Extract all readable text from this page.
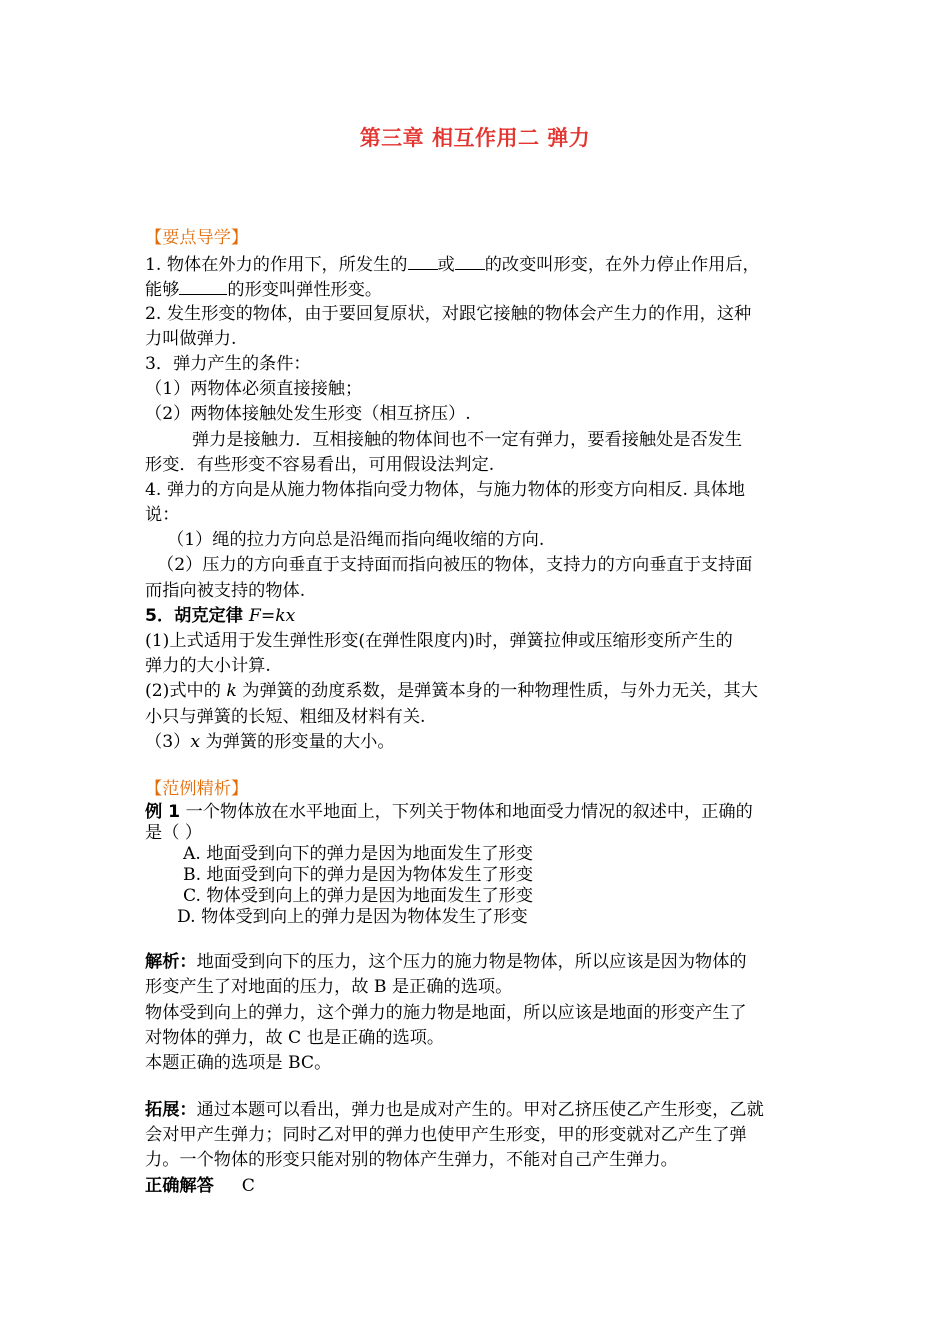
第三章 相互作用二 弹力
【要点导学】
1. 物体在外力的作用下，所发生的 或 的改变叫形变，在外力停止作用后，
能够	的形变叫弹性形变。
2. 发生形变的物体，由于要回复原状，对跟它接触的物体会产生力的作用，这种
力叫做弹力.
3．弹力产生的条件：
（1）两物体必须直接接触；
（2）两物体接触处发生形变（相互挤压）.
弹力是接触力．互相接触的物体间也不一定有弹力，要看接触处是否发生
形变．有些形变不容易看出，可用假设法判定.
4. 弹力的方向是从施力物体指向受力物体，与施力物体的形变方向相反. 具体地
说：
（1）绳的拉力方向总是沿绳而指向绳收缩的方向.
（2）压力的方向垂直于支持面而指向被压的物体，支持力的方向垂直于支持面
而指向被支持的物体.
5．胡克定律 F=kx
(1)上式适用于发生弹性形变(在弹性限度内)时，弹簧拉伸或压缩形变所产生的
弹力的大小计算.
(2)式中的 k 为弹簧的劲度系数，是弹簧本身的一种物理性质，与外力无关，其大
小只与弹簧的长短、粗细及材料有关.
（3）x 为弹簧的形变量的大小。
【范例精析】
例 1 一个物体放在水平地面上，下列关于物体和地面受力情况的叙述中，正确的
是（ ）
A. 地面受到向下的弹力是因为地面发生了形变
B. 地面受到向下的弹力是因为物体发生了形变
C. 物体受到向上的弹力是因为地面发生了形变
D. 物体受到向上的弹力是因为物体发生了形变
解析：地面受到向下的压力，这个压力的施力物是物体，所以应该是因为物体的
形变产生了对地面的压力，故 B 是正确的选项。
物体受到向上的弹力，这个弹力的施力物是地面，所以应该是地面的形变产生了
对物体的弹力，故 C 也是正确的选项。
本题正确的选项是 BC。
拓展：通过本题可以看出，弹力也是成对产生的。甲对乙挤压使乙产生形变，乙就
会对甲产生弹力；同时乙对甲的弹力也使甲产生形变，甲的形变就对乙产生了弹
力。一个物体的形变只能对别的物体产生弹力，不能对自己产生弹力。
正确解答 C
